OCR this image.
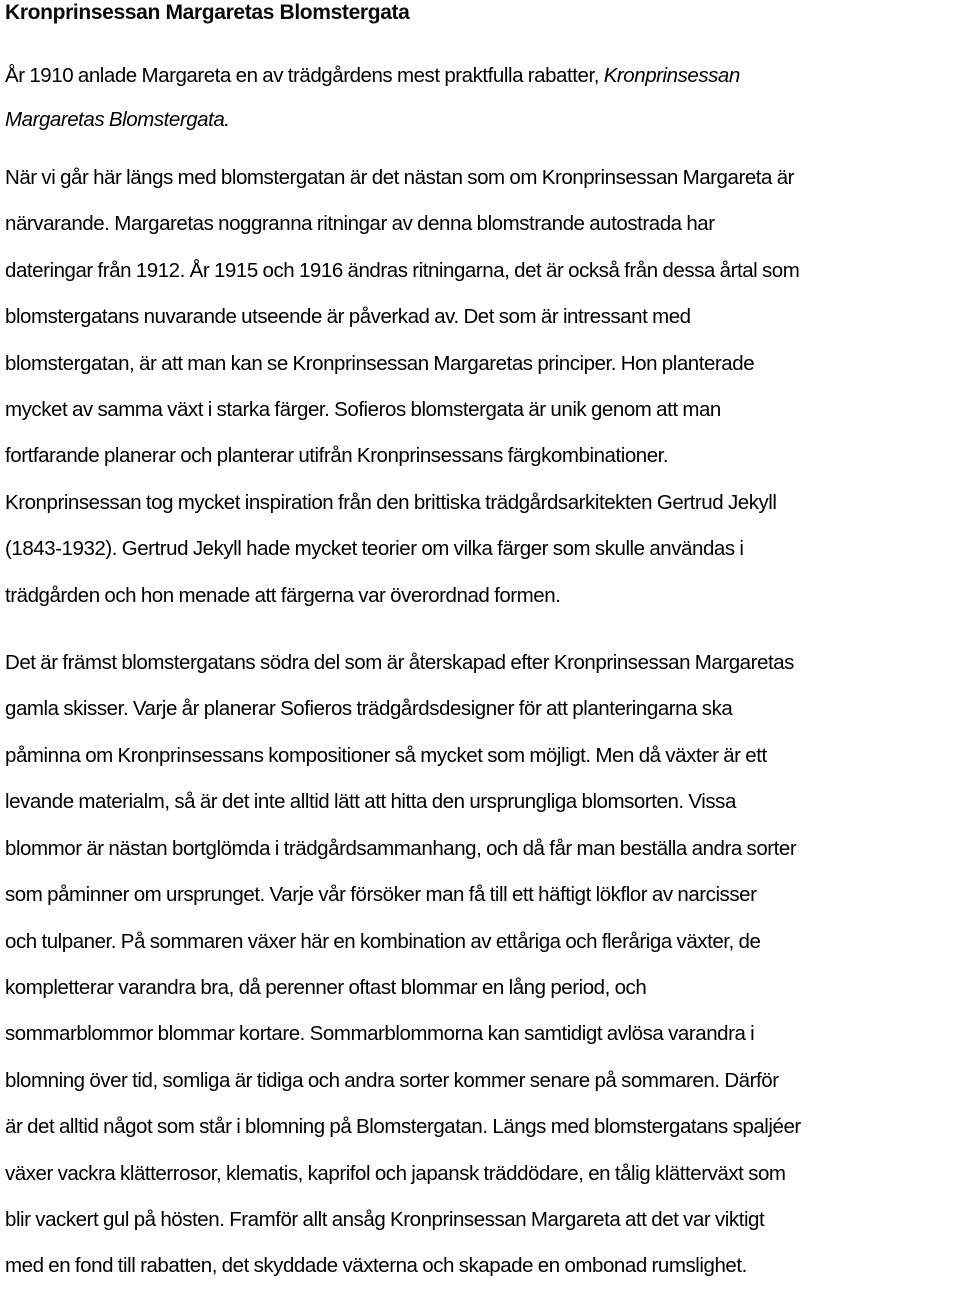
Kronprinsessan Margaretas Blomstergata

År 1910 anlade Margareta en av trädgårdens mest praktfulla rabatter, Kronprinsessan
Margaretas Blomstergata.

När vi går här längs med blomstergatan är det nästan som om Kronprinsessan Margareta är
närvarande. Margaretas noggranna ritningar av denna blomstrande autostrada har
dateringar från 1912. År 1915 och 1916 ändras ritningarna, det är också från dessa årtal som
blomstergatans nuvarande utseende är påverkad av. Det som är intressant med
blomstergatan, är att man kan se Kronprinsessan Margaretas principer. Hon planterade
mycket av samma växt i starka färger. Sofieros blomstergata är unik genom att man
fortfarande planerar och planterar utifrån Kronprinsessans färgkombinationer.
Kronprinsessan tog mycket inspiration från den brittiska trädgårdsarkitekten Gertrud Jekyll
(1843-1932). Gertrud Jekyll hade mycket teorier om vilka färger som skulle användas i
trädgården och hon menade att färgerna var överordnad formen.

Det är främst blomstergatans södra del som är återskapad efter Kronprinsessan Margaretas
gamla skisser. Varje år planerar Sofieros trädgårdsdesigner för att planteringarna ska
påminna om Kronprinsessans kompositioner så mycket som möjligt. Men då växter är ett
levande materialm, så är det inte alltid lätt att hitta den ursprungliga blomsorten. Vissa
blommor är nästan bortglömda i trädgårdsammanhang, och då får man beställa andra sorter
som påminner om ursprunget. Varje vår försöker man få till ett häftigt lökflor av narcisser
och tulpaner. På sommaren växer här en kombination av ettåriga och fleråriga växter, de
kompletterar varandra bra, då perenner oftast blommar en lång period, och
sommarblommor blommar kortare. Sommarblommorna kan samtidigt avlösa varandra i
blomning över tid, somliga är tidiga och andra sorter kommer senare på sommaren. Därför
är det alltid något som står i blomning på Blomstergatan. Längs med blomstergatans spaljéer
växer vackra klätterrosor, klematis, kaprifol och japansk träddödare, en tålig klätterväxt som
blir vackert gul på hösten. Framför allt ansåg Kronprinsessan Margareta att det var viktigt
med en fond till rabatten, det skyddade växterna och skapade en ombonad rumslighet.
